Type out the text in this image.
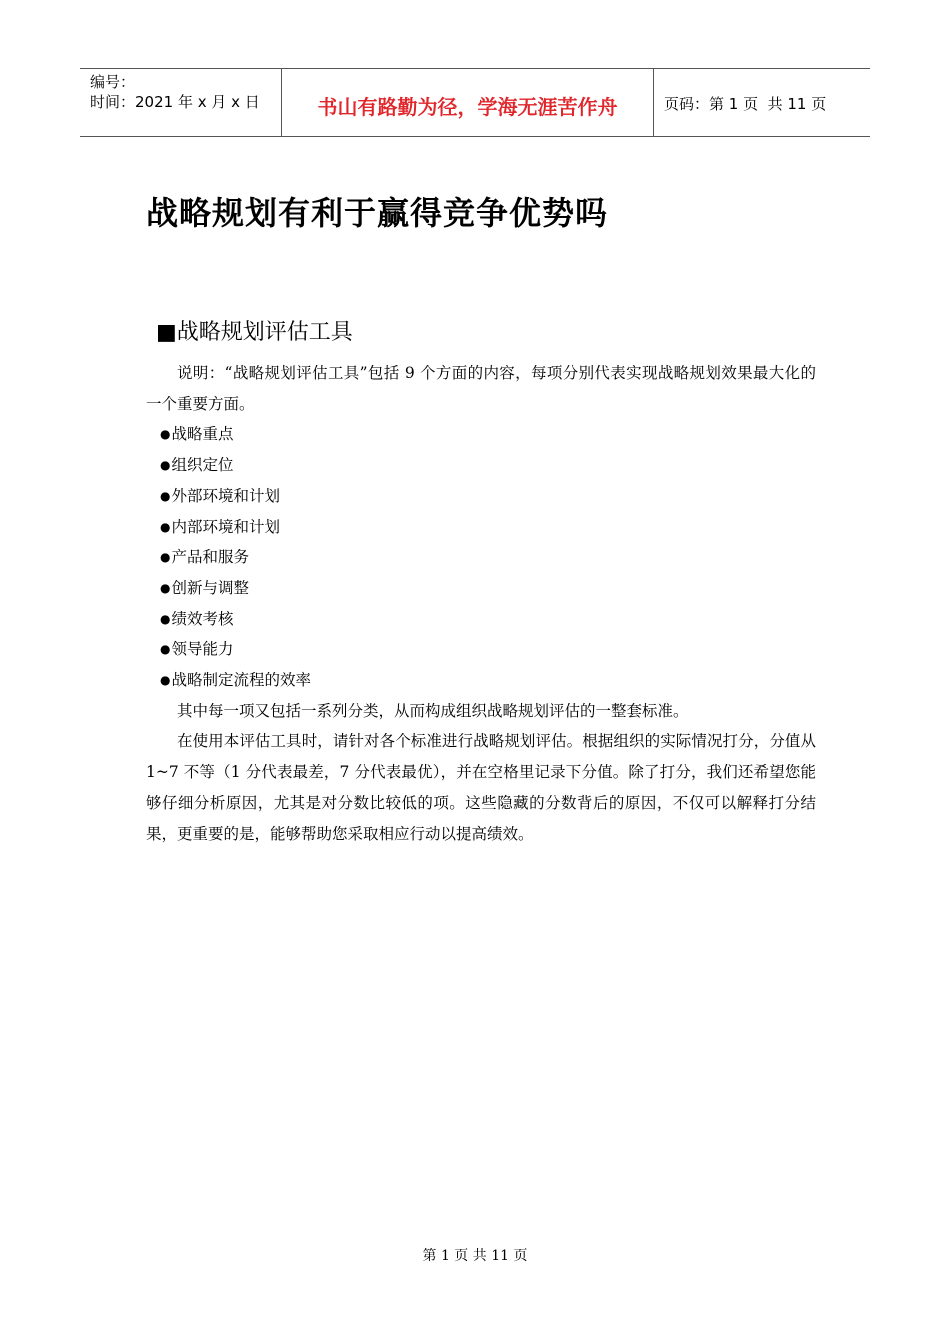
编号：
时间：2021 年 x 月 x 日	书山有路勤为径，学海无涯苦作舟	页码：第 1 页  共 11 页
战略规划有利于赢得竞争优势吗
■战略规划评估工具

说明：“战略规划评估工具”包括 9 个方面的内容，每项分别代表实现战略规划效果最大化的一个重要方面。

●战略重点
●组织定位
●外部环境和计划
●内部环境和计划
●产品和服务
●创新与调整
●绩效考核
●领导能力
●战略制定流程的效率

其中每一项又包括一系列分类，从而构成组织战略规划评估的一整套标准。

在使用本评估工具时，请针对各个标准进行战略规划评估。根据组织的实际情况打分，分值从 1~7 不等（1 分代表最差，7 分代表最优），并在空格里记录下分值。除了打分，我们还希望您能够仔细分析原因，尤其是对分数比较低的项。这些隐藏的分数背后的原因，不仅可以解释打分结果，更重要的是，能够帮助您采取相应行动以提高绩效。

第 1 页 共 11 页
